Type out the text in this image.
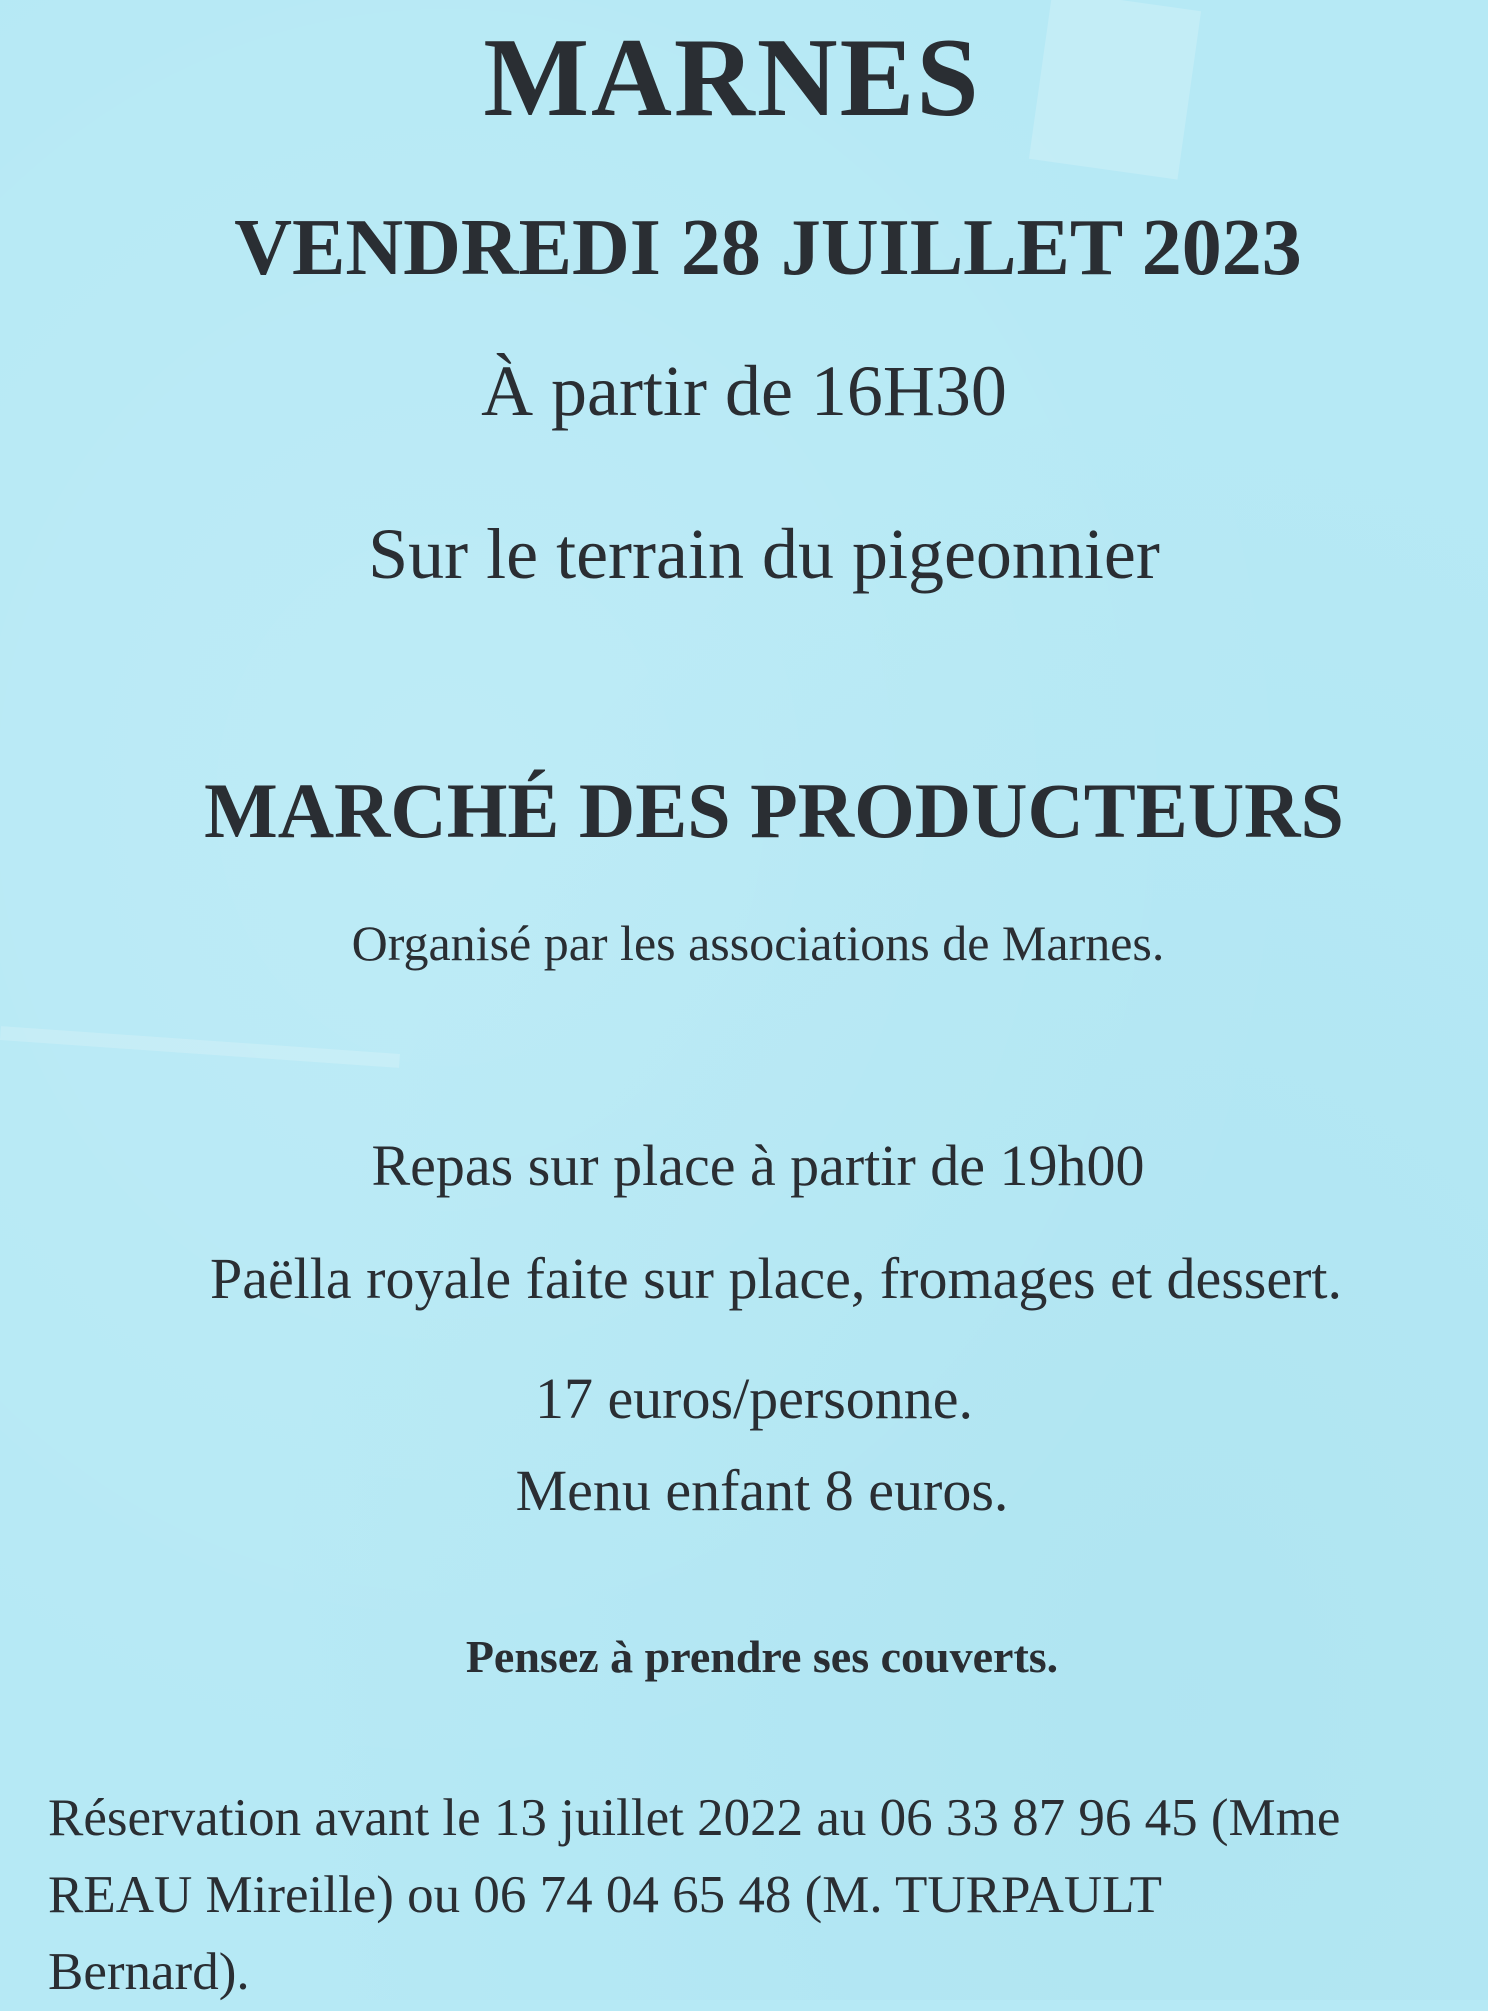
MARNES
VENDREDI 28 JUILLET 2023

À partir de 16H30

Sur le terrain du pigeonnier

MARCHÉ DES PRODUCTEURS

Organisé par les associations de Marnes.

Repas sur place à partir de 19h00

Paëlla royale faite sur place, fromages et dessert.

17 euros/personne.

Menu enfant 8 euros.

Pensez à prendre ses couverts.

Réservation avant le 13 juillet 2022 au 06 33 87 96 45 (Mme
REAU Mireille) ou 06 74 04 65 48 (M. TURPAULT
Bernard).
